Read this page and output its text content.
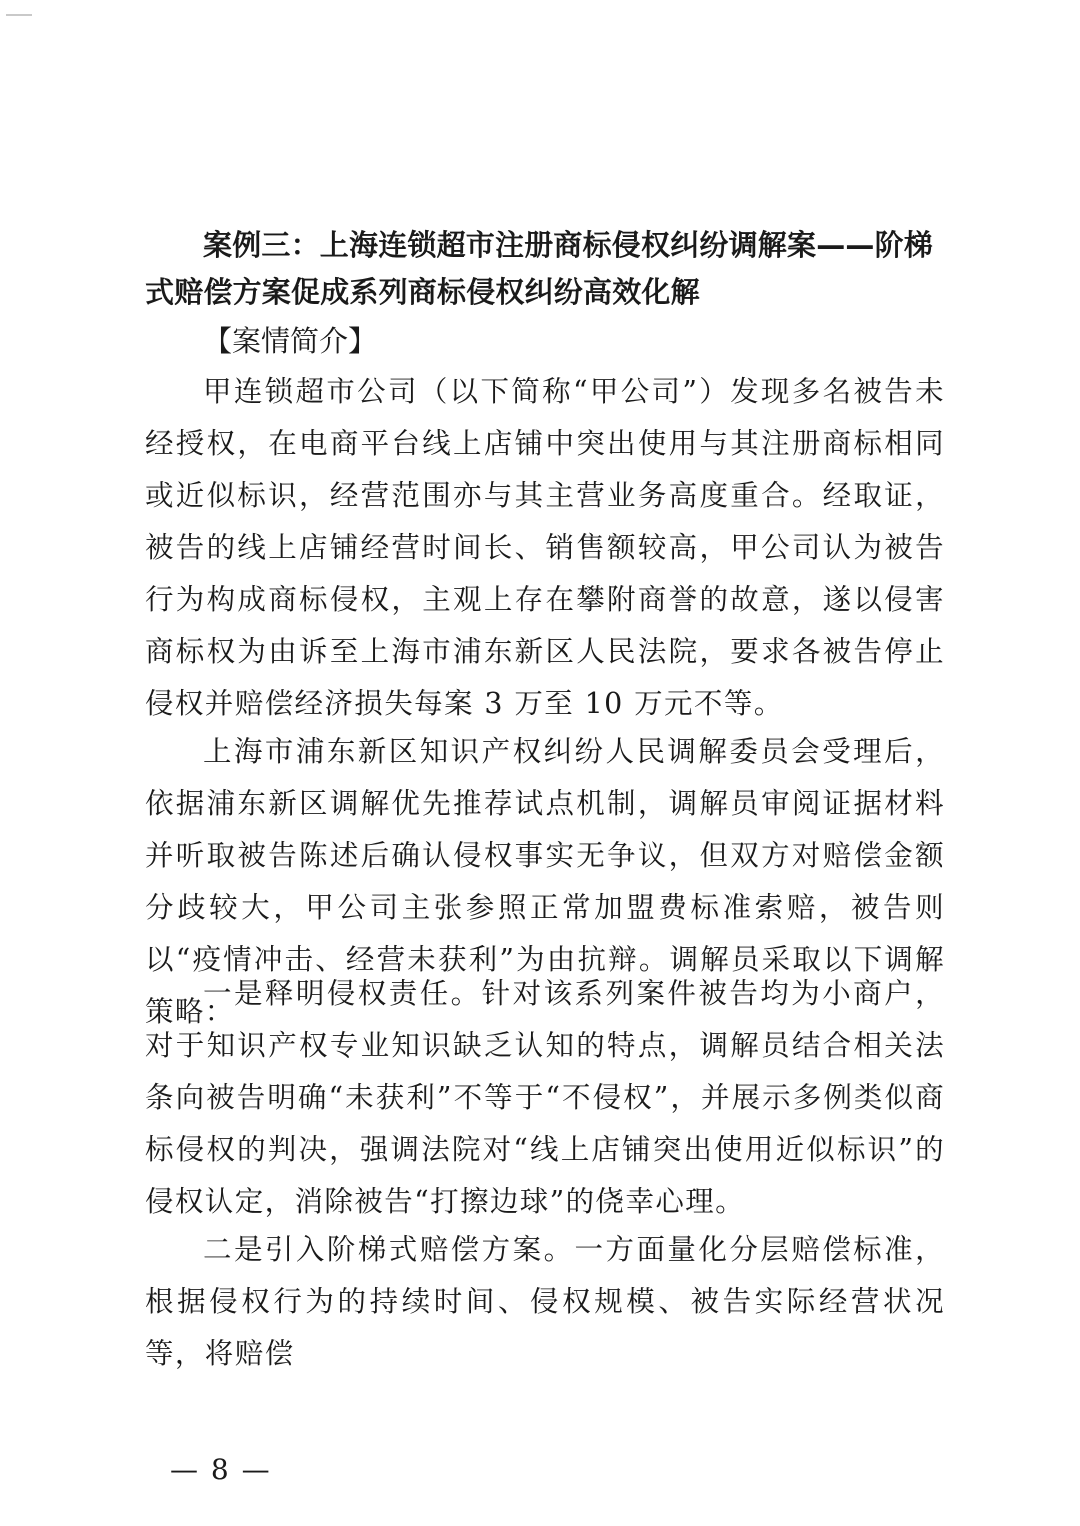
案例三：上海连锁超市注册商标侵权纠纷调解案——阶梯式赔偿方案促成系列商标侵权纠纷高效化解

【案情简介】

甲连锁超市公司（以下简称“甲公司”）发现多名被告未经授权，在电商平台线上店铺中突出使用与其注册商标相同或近似标识，经营范围亦与其主营业务高度重合。经取证，被告的线上店铺经营时间长、销售额较高，甲公司认为被告行为构成商标侵权，主观上存在攀附商誉的故意，遂以侵害商标权为由诉至上海市浦东新区人民法院，要求各被告停止侵权并赔偿经济损失每案 3 万至 10 万元不等。

上海市浦东新区知识产权纠纷人民调解委员会受理后，依据浦东新区调解优先推荐试点机制，调解员审阅证据材料并听取被告陈述后确认侵权事实无争议，但双方对赔偿金额分歧较大，甲公司主张参照正常加盟费标准索赔，被告则以“疫情冲击、经营未获利”为由抗辩。调解员采取以下调解策略：

一是释明侵权责任。针对该系列案件被告均为小商户，对于知识产权专业知识缺乏认知的特点，调解员结合相关法条向被告明确“未获利”不等于“不侵权”，并展示多例类似商标侵权的判决，强调法院对“线上店铺突出使用近似标识”的侵权认定，消除被告“打擦边球”的侥幸心理。

二是引入阶梯式赔偿方案。一方面量化分层赔偿标准，根据侵权行为的持续时间、侵权规模、被告实际经营状况等，将赔偿

— 8 —
